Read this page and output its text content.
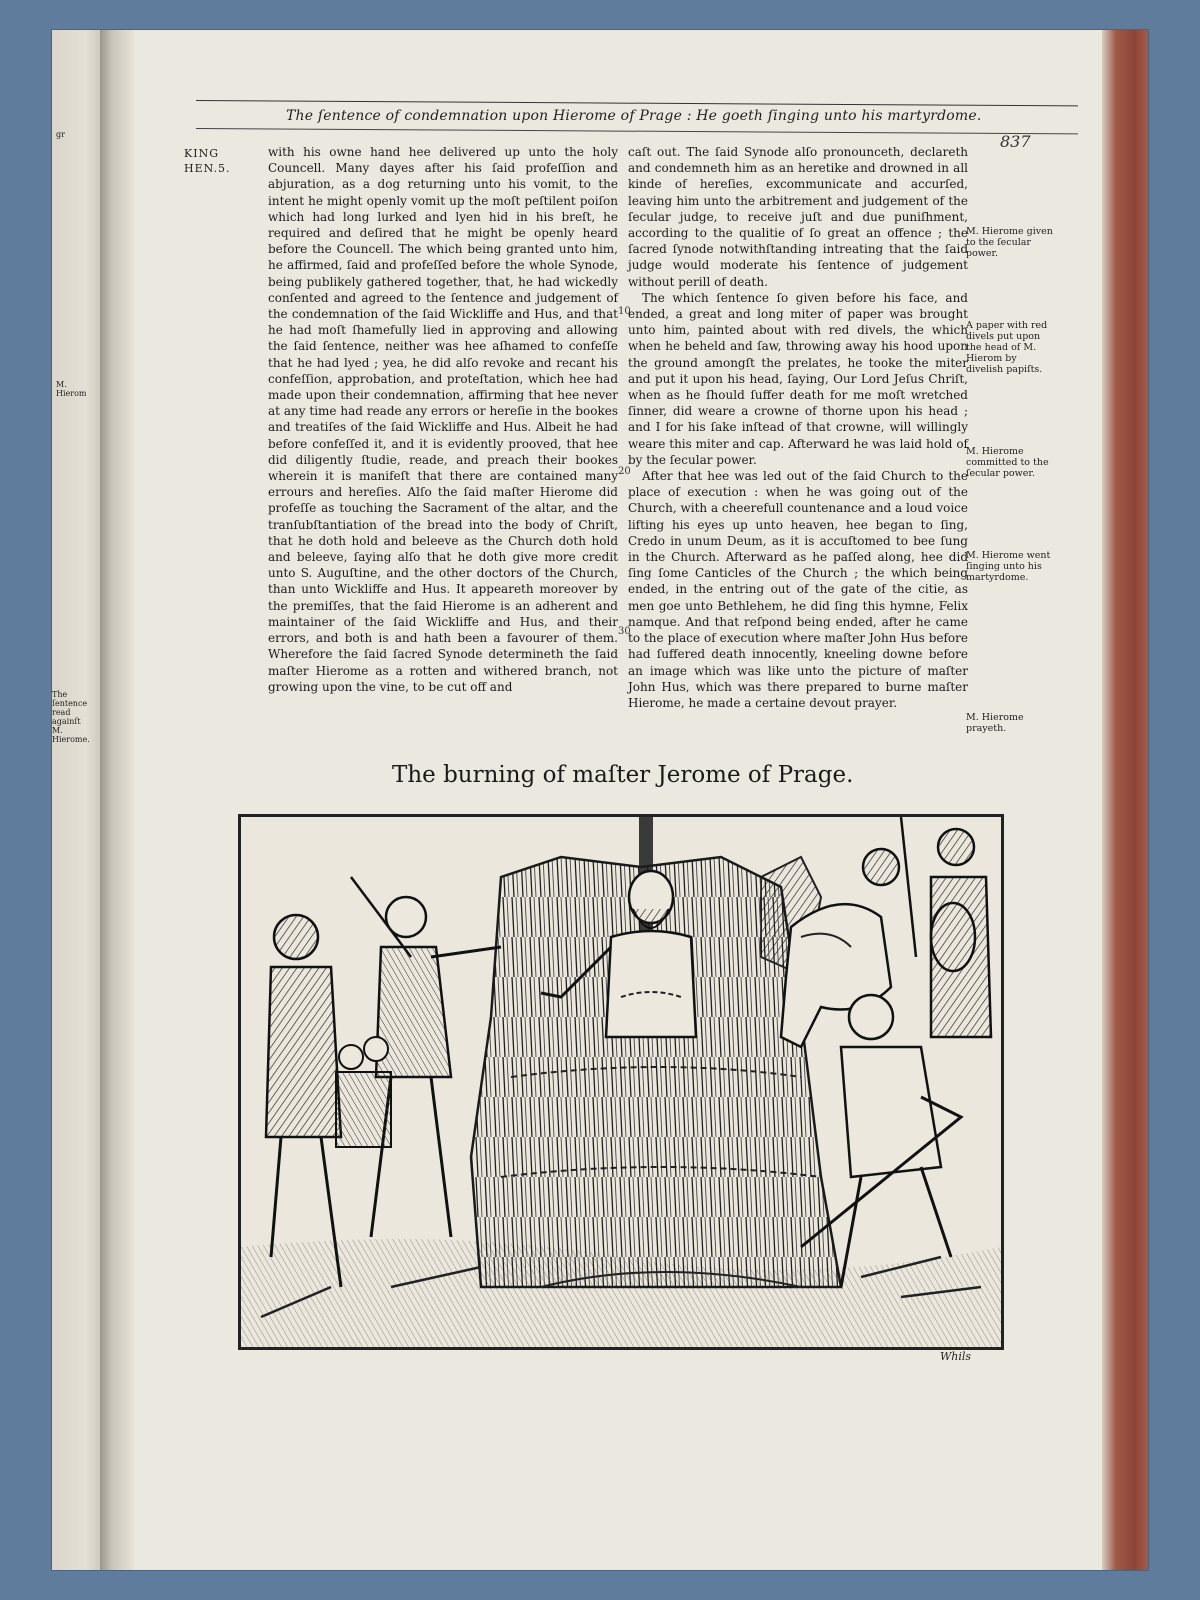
gr
M. Hierom
The ſentence read againſt M. Hierome.
The ſentence of condemnation upon Hierome of Prage : He goeth ſinging unto his martyrdome.
837
KING
HEN.5.

with his owne hand hee delivered up unto the holy Councell. Many dayes after his ſaid profeſſion and abjuration, as a dog returning unto his vomit, to the intent he might openly vomit up the moſt peſtilent poiſon which had long lurked and lyen hid in his breſt, he required and deſired that he might be openly heard before the Councell. The which being granted unto him, he affirmed, ſaid and profeſſed before the whole Synode, being publikely gathered together, that, he had wickedly conſented and agreed to the ſentence and judgement of the condemnation of the ſaid Wickliffe and Hus, and that he had moſt ſhamefully lied in approving and allowing the ſaid ſentence, neither was hee aſhamed to confeſſe that he had lyed ; yea, he did alſo revoke and recant his confeſſion, approbation, and proteſtation, which hee had made upon their condemnation, affirming that hee never at any time had reade any errors or hereſie in the bookes and treatiſes of the ſaid Wickliffe and Hus. Albeit he had before confeſſed it, and it is evidently prooved, that hee did diligently ſtudie, reade, and preach their bookes wherein it is manifeſt that there are contained many errours and hereſies. Alſo the ſaid maſter Hierome did profeſſe as touching the Sacrament of the altar, and the tranſubſtantiation of the bread into the body of Chriſt, that he doth hold and beleeve as the Church doth hold and beleeve, ſaying alſo that he doth give more credit unto S. Auguſtine, and the other doctors of the Church, than unto Wickliffe and Hus. It appeareth moreover by the premiſſes, that the ſaid Hierome is an adherent and maintainer of the ſaid Wickliffe and Hus, and their errors, and both is and hath been a favourer of them. Wherefore the ſaid ſacred Synode determineth the ſaid maſter Hierome as a rotten and withered branch, not growing upon the vine, to be cut off and

10
20
30

caſt out. The ſaid Synode alſo pronounceth, declareth and condemneth him as an heretike and drowned in all kinde of hereſies, excommunicate and accurſed, leaving him unto the arbitrement and judgement of the ſecular judge, to receive juſt and due puniſhment, according to the qualitie of ſo great an offence ; the ſacred ſynode notwithſtanding intreating that the ſaid judge would moderate his ſentence of judgement without perill of death.

The which ſentence ſo given before his face, and ended, a great and long miter of paper was brought unto him, painted about with red divels, the which when he beheld and ſaw, throwing away his hood upon the ground amongſt the prelates, he tooke the miter and put it upon his head, ſaying, Our Lord Jeſus Chriſt, when as he ſhould ſuffer death for me moſt wretched ſinner, did weare a crowne of thorne upon his head ; and I for his ſake inſtead of that crowne, will willingly weare this miter and cap. Afterward he was laid hold of by the ſecular power.

After that hee was led out of the ſaid Church to the place of execution : when he was going out of the Church, with a cheerefull countenance and a loud voice lifting his eyes up unto heaven, hee began to ſing, Credo in unum Deum, as it is accuſtomed to bee ſung in the Church. Afterward as he paſſed along, hee did ſing ſome Canticles of the Church ; the which being ended, in the entring out of the gate of the citie, as men goe unto Bethlehem, he did ſing this hymne, Felix namque. And that reſpond being ended, after he came to the place of execution where maſter John Hus before had ſuffered death innocently, kneeling downe before an image which was like unto the picture of maſter John Hus, which was there prepared to burne maſter Hierome, he made a certaine devout prayer.

M. Hierome given to the ſecular power.
A paper with red divels put upon the head of M. Hierom by divelish papiſts.
M. Hierome committed to the ſecular power.
M. Hierome went ſinging unto his martyrdome.
M. Hierome prayeth.
The burning of maſter Jerome of Prage.
Whils
